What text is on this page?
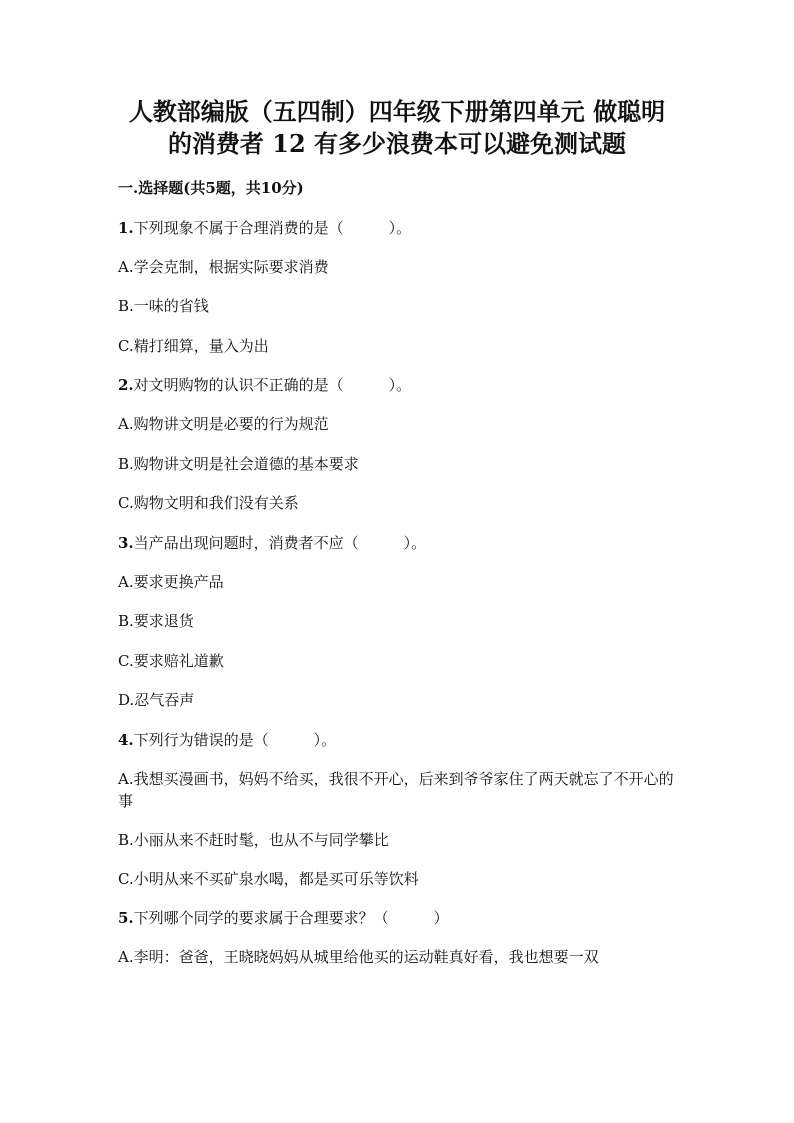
人教部编版（五四制）四年级下册第四单元 做聪明
的消费者 12 有多少浪费本可以避免测试题
一.选择题(共5题，共10分)
1.下列现象不属于合理消费的是（　　　）。
A.学会克制，根据实际要求消费
B.一味的省钱
C.精打细算，量入为出
2.对文明购物的认识不正确的是（　　　）。
A.购物讲文明是必要的行为规范
B.购物讲文明是社会道德的基本要求
C.购物文明和我们没有关系
3.当产品出现问题时，消费者不应（　　　）。
A.要求更换产品
B.要求退货
C.要求赔礼道歉
D.忍气吞声
4.下列行为错误的是（　　　）。
A.我想买漫画书，妈妈不给买，我很不开心，后来到爷爷家住了两天就忘了不开心的事
B.小丽从来不赶时髦，也从不与同学攀比
C.小明从来不买矿泉水喝，都是买可乐等饮料
5.下列哪个同学的要求属于合理要求？（　　　）
A.李明：爸爸，王晓晓妈妈从城里给他买的运动鞋真好看，我也想要一双
